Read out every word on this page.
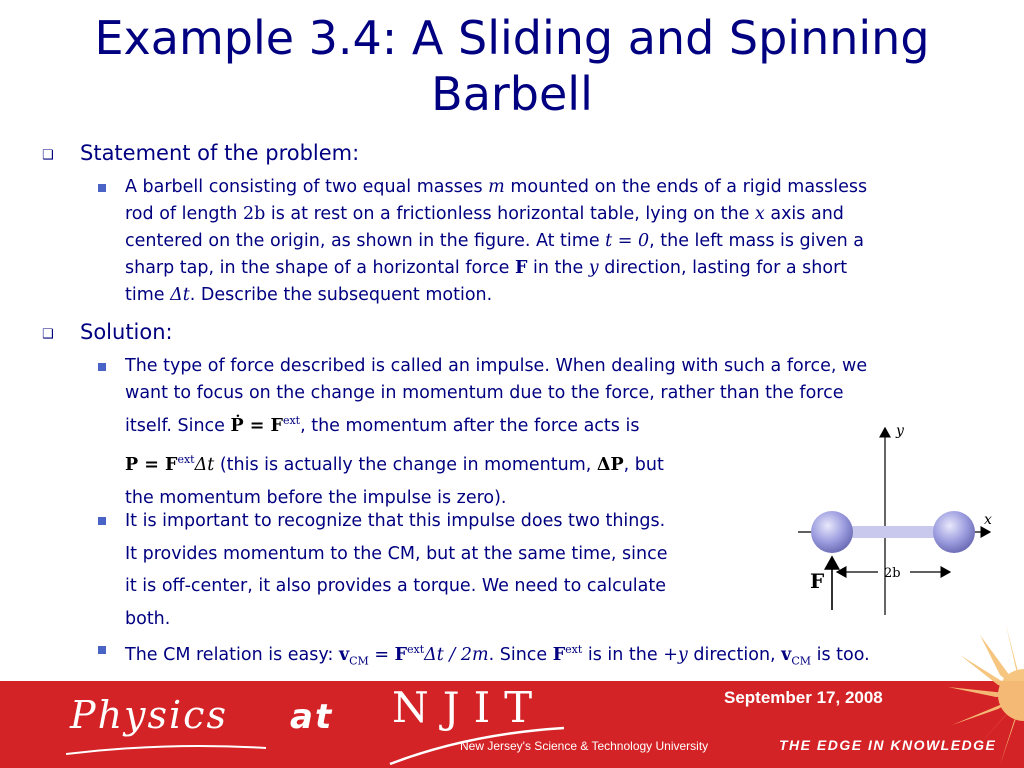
Example 3.4: A Sliding and Spinning
Barbell
❑ Statement of the problem:
A barbell consisting of two equal masses m mounted on the ends of a rigid massless
rod of length 2b is at rest on a frictionless horizontal table, lying on the x axis and
centered on the origin, as shown in the figure. At time t = 0, the left mass is given a
sharp tap, in the shape of a horizontal force F in the y direction, lasting for a short
time Δt. Describe the subsequent motion.
❑ Solution:
The type of force described is called an impulse. When dealing with such a force, we
want to focus on the change in momentum due to the force, rather than the force
itself. Since Ṗ = $F^{ext}$, the momentum after the force acts is
$P = F^{ext}\Delta t$ (this is actually the change in momentum, ΔP, but
the momentum before the impulse is zero).
It is important to recognize that this impulse does two things.
It provides momentum to the CM, but at the same time, since
it is off-center, it also provides a torque. We need to calculate
both.
The CM relation is easy: $v_{CM} = F^{ext}\Delta t / 2m$. Since $F^{ext}$ is in the +y direction, $v_{CM}$ is too.
y
x
F	2b
Physics at NJIT
New Jersey's Science & Technology University
September 17, 2008
THE EDGE IN KNOWLEDGE
